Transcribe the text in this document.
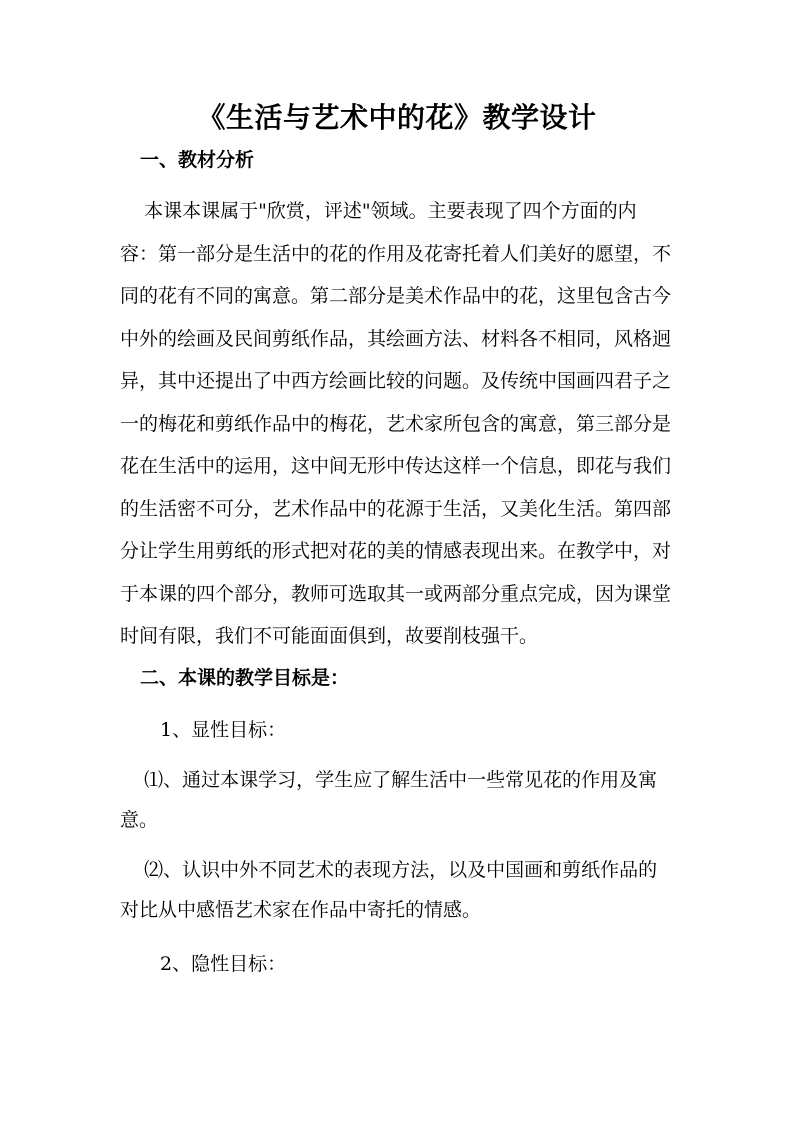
《生活与艺术中的花》教学设计
一、教材分析
本课本课属于"欣赏，评述"领域。主要表现了四个方面的内
容：第一部分是生活中的花的作用及花寄托着人们美好的愿望，不
同的花有不同的寓意。第二部分是美术作品中的花，这里包含古今
中外的绘画及民间剪纸作品，其绘画方法、材料各不相同，风格迥
异，其中还提出了中西方绘画比较的问题。及传统中国画四君子之
一的梅花和剪纸作品中的梅花，艺术家所包含的寓意，第三部分是
花在生活中的运用，这中间无形中传达这样一个信息，即花与我们
的生活密不可分，艺术作品中的花源于生活，又美化生活。第四部
分让学生用剪纸的形式把对花的美的情感表现出来。在教学中，对
于本课的四个部分，教师可选取其一或两部分重点完成，因为课堂
时间有限，我们不可能面面俱到，故要削枝强干。
二、本课的教学目标是：
1、显性目标：
⑴、通过本课学习，学生应了解生活中一些常见花的作用及寓
意。
⑵、认识中外不同艺术的表现方法，以及中国画和剪纸作品的
对比从中感悟艺术家在作品中寄托的情感。
2、隐性目标：
